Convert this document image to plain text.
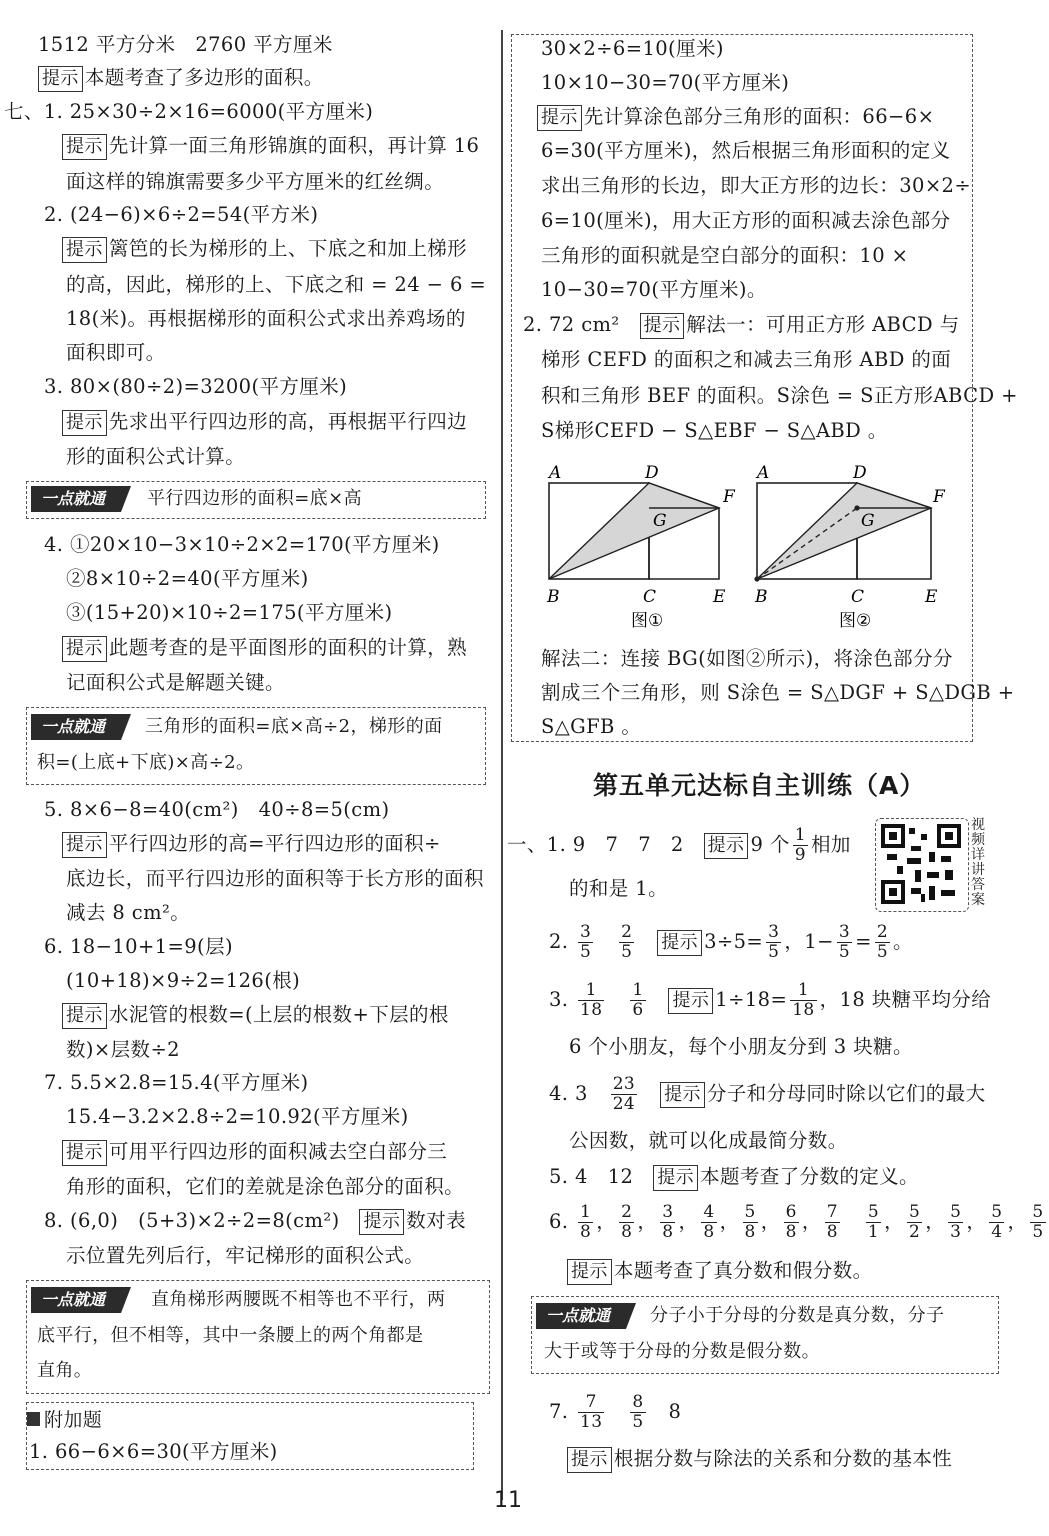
1512 平方分米　2760 平方厘米
提示 本题考查了多边形的面积。
七、1. 25×30÷2×16=6000(平方厘米)
提示 先计算一面三角形锦旗的面积，再计算 16
面这样的锦旗需要多少平方厘米的红丝绸。
2. (24−6)×6÷2=54(平方米)
提示 篱笆的长为梯形的上、下底之和加上梯形
的高，因此，梯形的上、下底之和 = 24 − 6 =
18(米)。再根据梯形的面积公式求出养鸡场的
面积即可。
3. 80×(80÷2)=3200(平方厘米)
提示 先求出平行四边形的高，再根据平行四边
形的面积公式计算。
一点就通	平行四边形的面积=底×高
4. ①20×10−3×10÷2×2=170(平方厘米)
②8×10÷2=40(平方厘米)
③(15+20)×10÷2=175(平方厘米)
提示 此题考查的是平面图形的面积的计算，熟
记面积公式是解题关键。
一点就通	三角形的面积=底×高÷2，梯形的面
积=(上底+下底)×高÷2。
5. 8×6−8=40(cm²)　40÷8=5(cm)
提示 平行四边形的高=平行四边形的面积÷
底边长，而平行四边形的面积等于长方形的面积
减去 8 cm²。
6. 18−10+1=9(层)
(10+18)×9÷2=126(根)
提示 水泥管的根数=(上层的根数+下层的根
数)×层数÷2
7. 5.5×2.8=15.4(平方厘米)
15.4−3.2×2.8÷2=10.92(平方厘米)
提示 可用平行四边形的面积减去空白部分三
角形的面积，它们的差就是涂色部分的面积。
8. (6,0)　(5+3)×2÷2=8(cm²)　 提示 数对表
示位置先列后行，牢记梯形的面积公式。
一点就通	直角梯形两腰既不相等也不平行，两
底平行，但不相等，其中一条腰上的两个角都是
直角。
附加题
1. 66−6×6=30(平方厘米)
30×2÷6=10(厘米)
10×10−30=70(平方厘米)
提示 先计算涂色部分三角形的面积：66−6×
6=30(平方厘米)，然后根据三角形面积的定义
求出三角形的长边，即大正方形的边长：30×2÷
6=10(厘米)，用大正方形的面积减去涂色部分
三角形的面积就是空白部分的面积：10 ×
10−30=70(平方厘米)。
2. 72 cm²　 提示 解法一：可用正方形 ABCD 与
梯形 CEFD 的面积之和减去三角形 ABD 的面
积和三角形 BEF 的面积。S涂色 = S正方形ABCD +
S梯形CEFD − S△EBF − S△ABD 。
A	D
F
G
B	C	E
图①
A	D
F
G
B	C	E
图②
解法二：连接 BG(如图②所示)，将涂色部分分
割成三个三角形，则 S涂色 = S△DGF + S△DGB +
S△GFB 。
第五单元达标自主训练（A）
视频详讲答案
一、1. 9　7　7　2　 提示 9 个 $\frac{1}{9}$ 相加
的和是 1。
2. $\frac{3}{5}$
　 $\frac{2}{5}$
　 提示 $3\div 5= \frac{3}{5}$ ，$1- \frac{3}{5} = \frac{2}{5}$ 。
3. $\frac{1}{18}$
　 $\frac{1}{6}$
　 提示 $1\div 18= \frac{1}{18}$ ，18 块糖平均分给
6 个小朋友，每个小朋友分到 3 块糖。
4. 3　 $\frac{23}{24}$
　 提示 分子和分母同时除以它们的最大
公因数，就可以化成最简分数。
5. 4　12　 提示 本题考查了分数的定义。
6. $\frac{1}{8}$ ， $\frac{2}{8}$ ， $\frac{3}{8}$ ， $\frac{4}{8}$ ， $\frac{5}{8}$ ， $\frac{6}{8}$ ， $\frac{7}{8}$
　 $\frac{5}{1}$ ， $\frac{5}{2}$ ， $\frac{5}{3}$ ， $\frac{5}{4}$ ， $\frac{5}{5}$
提示 本题考查了真分数和假分数。
一点就通	分子小于分母的分数是真分数，分子
大于或等于分母的分数是假分数。
7. $\frac{7}{13}$
　 $\frac{8}{5}$
　 8
提示 根据分数与除法的关系和分数的基本性
11
